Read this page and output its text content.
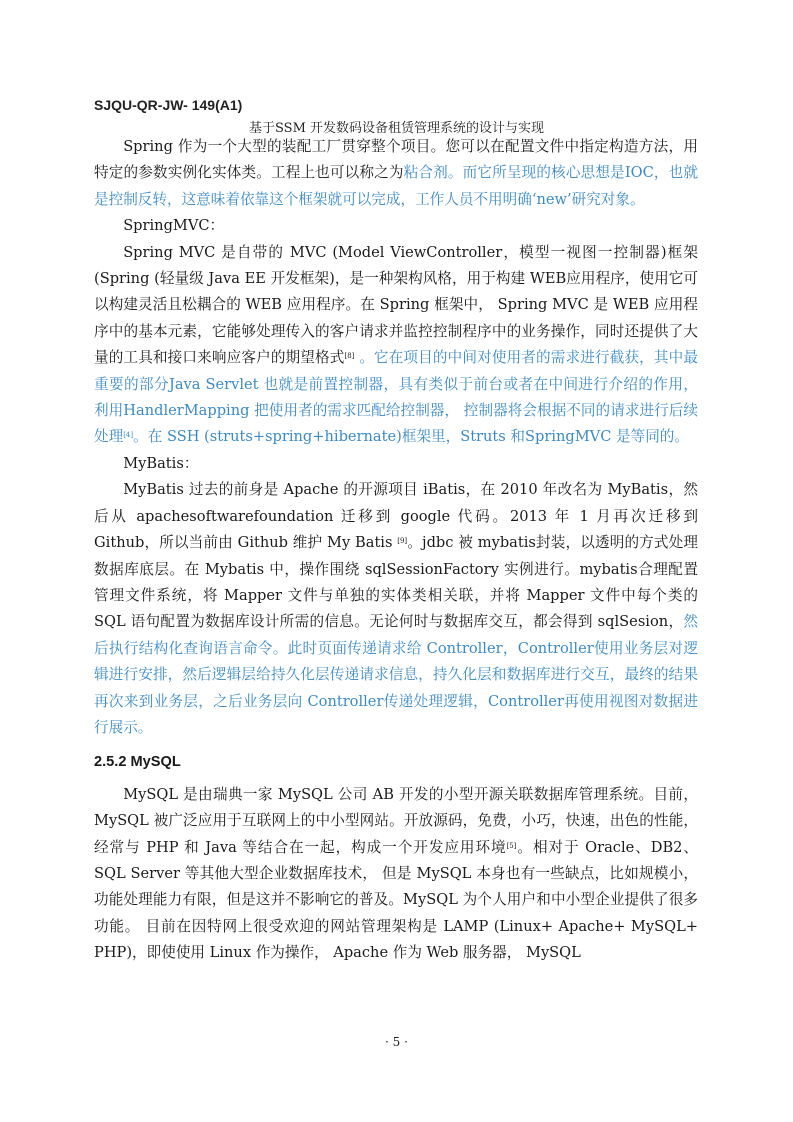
SJQU-QR-JW- 149(A1)
基于SSM 开发数码设备租赁管理系统的设计与实现

Spring 作为一个大型的装配工厂贯穿整个项目。您可以在配置文件中指定构造方法，用特定的参数实例化实体类。工程上也可以称之为粘合剂。而它所呈现的核心思想是IOC，也就是控制反转，这意味着依靠这个框架就可以完成，工作人员不用明确‘new’研究对象。

SpringMVC：

Spring MVC 是自带的 MVC (Model ViewController，模型一视图一控制器)框架 (Spring (轻量级 Java EE 开发框架)，是一种架构风格，用于构建 WEB应用程序，使用它可以构建灵活且松耦合的 WEB 应用程序。在 Spring 框架中， Spring MVC 是 WEB 应用程序中的基本元素，它能够处理传入的客户请求并监控控制程序中的业务操作，同时还提供了大量的工具和接口来响应客户的期望格式[8] 。它在项目的中间对使用者的需求进行截获，其中最重要的部分Java Servlet 也就是前置控制器，具有类似于前台或者在中间进行介绍的作用，利用HandlerMapping 把使用者的需求匹配给控制器， 控制器将会根据不同的请求进行后续处理[4]。在 SSH (struts+spring+hibernate)框架里，Struts 和SpringMVC 是等同的。

MyBatis：

MyBatis 过去的前身是 Apache 的开源项目 iBatis，在 2010 年改名为 MyBatis，然后从 apachesoftwarefoundation 迁移到 google 代码。2013 年 1 月再次迁移到 Github，所以当前由 Github 维护 My Batis [9]。jdbc 被 mybatis封装，以透明的方式处理数据库底层。在 Mybatis 中，操作围绕 sqlSessionFactory 实例进行。mybatis合理配置管理文件系统，将 Mapper 文件与单独的实体类相关联，并将 Mapper 文件中每个类的 SQL 语句配置为数据库设计所需的信息。无论何时与数据库交互，都会得到 sqlSesion，然后执行结构化查询语言命令。此时页面传递请求给 Controller，Controller使用业务层对逻辑进行安排，然后逻辑层给持久化层传递请求信息，持久化层和数据库进行交互，最终的结果再次来到业务层，之后业务层向 Controller传递处理逻辑，Controller再使用视图对数据进行展示。

2.5.2 MySQL

MySQL 是由瑞典一家 MySQL 公司 AB 开发的小型开源关联数据库管理系统。目前，MySQL 被广泛应用于互联网上的中小型网站。开放源码，免费，小巧，快速，出色的性能，经常与 PHP 和 Java 等结合在一起，构成一个开发应用环境[5]。相对于 Oracle、DB2、 SQL Server 等其他大型企业数据库技术， 但是 MySQL 本身也有一些缺点，比如规模小，功能处理能力有限，但是这并不影响它的普及。MySQL 为个人用户和中小型企业提供了很多功能。 目前在因特网上很受欢迎的网站管理架构是 LAMP (Linux+ Apache+ MySQL+ PHP)，即使使用 Linux 作为操作， Apache 作为 Web 服务器， MySQL

· 5 ·
